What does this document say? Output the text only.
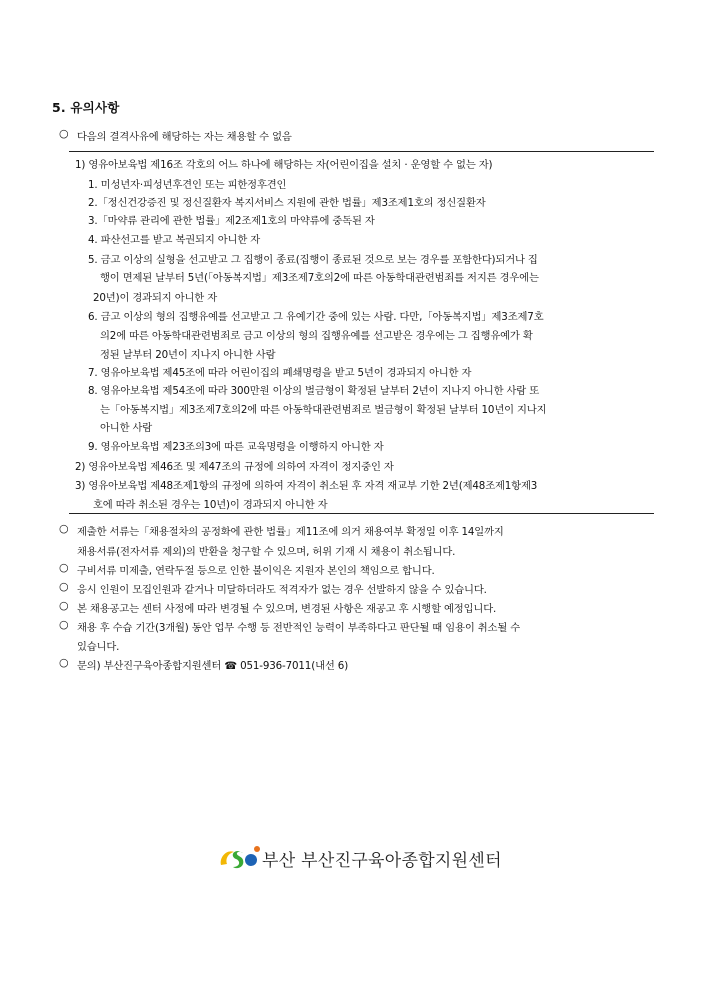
5. 유의사항
○ 다음의 결격사유에 해당하는 자는 채용할 수 없음
1) 영유아보육법 제16조 각호의 어느 하나에 해당하는 자(어린이집을 설치 · 운영할 수 없는 자)
1. 미성년자·피성년후견인 또는 피한정후견인
2.「정신건강증진 및 정신질환자 복지서비스 지원에 관한 법률」제3조제1호의 정신질환자
3.「마약류 관리에 관한 법률」제2조제1호의 마약류에 중독된 자
4. 파산선고를 받고 복권되지 아니한 자
5. 금고 이상의 실형을 선고받고 그 집행이 종료(집행이 종료된 것으로 보는 경우를 포함한다)되거나 집
행이 면제된 날부터 5년(「아동복지법」제3조제7호의2에 따른 아동학대관련범죄를 저지른 경우에는
20년)이 경과되지 아니한 자
6. 금고 이상의 형의 집행유예를 선고받고 그 유예기간 중에 있는 사람. 다만,「아동복지법」제3조제7호
의2에 따른 아동학대관련범죄로 금고 이상의 형의 집행유예를 선고받은 경우에는 그 집행유예가 확
정된 날부터 20년이 지나지 아니한 사람
7. 영유아보육법 제45조에 따라 어린이집의 폐쇄명령을 받고 5년이 경과되지 아니한 자
8. 영유아보육법 제54조에 따라 300만원 이상의 벌금형이 확정된 날부터 2년이 지나지 아니한 사람 또
는「아동복지법」제3조제7호의2에 따른 아동학대관련범죄로 벌금형이 확정된 날부터 10년이 지나지
아니한 사람
9. 영유아보육법 제23조의3에 따른 교육명령을 이행하지 아니한 자
2) 영유아보육법 제46조 및 제47조의 규정에 의하여 자격이 정지중인 자
3) 영유아보육법 제48조제1항의 규정에 의하여 자격이 취소된 후 자격 재교부 기한 2년(제48조제1항제3
호에 따라 취소된 경우는 10년)이 경과되지 아니한 자
○ 제출한 서류는「채용절차의 공정화에 관한 법률」제11조에 의거 채용여부 확정일 이후 14일까지
채용서류(전자서류 제외)의 반환을 청구할 수 있으며, 허위 기재 시 채용이 취소됩니다.
○ 구비서류 미제출, 연락두절 등으로 인한 불이익은 지원자 본인의 책임으로 합니다.
○ 응시 인원이 모집인원과 같거나 미달하더라도 적격자가 없는 경우 선발하지 않을 수 있습니다.
○ 본 채용공고는 센터 사정에 따라 변경될 수 있으며, 변경된 사항은 재공고 후 시행할 예정입니다.
○ 채용 후 수습 기간(3개월) 동안 업무 수행 등 전반적인 능력이 부족하다고 판단될 때 임용이 취소될 수
있습니다.
○ 문의) 부산진구육아종합지원센터 ☎ 051-936-7011(내선 6)
부산 부산진구육아종합지원센터
